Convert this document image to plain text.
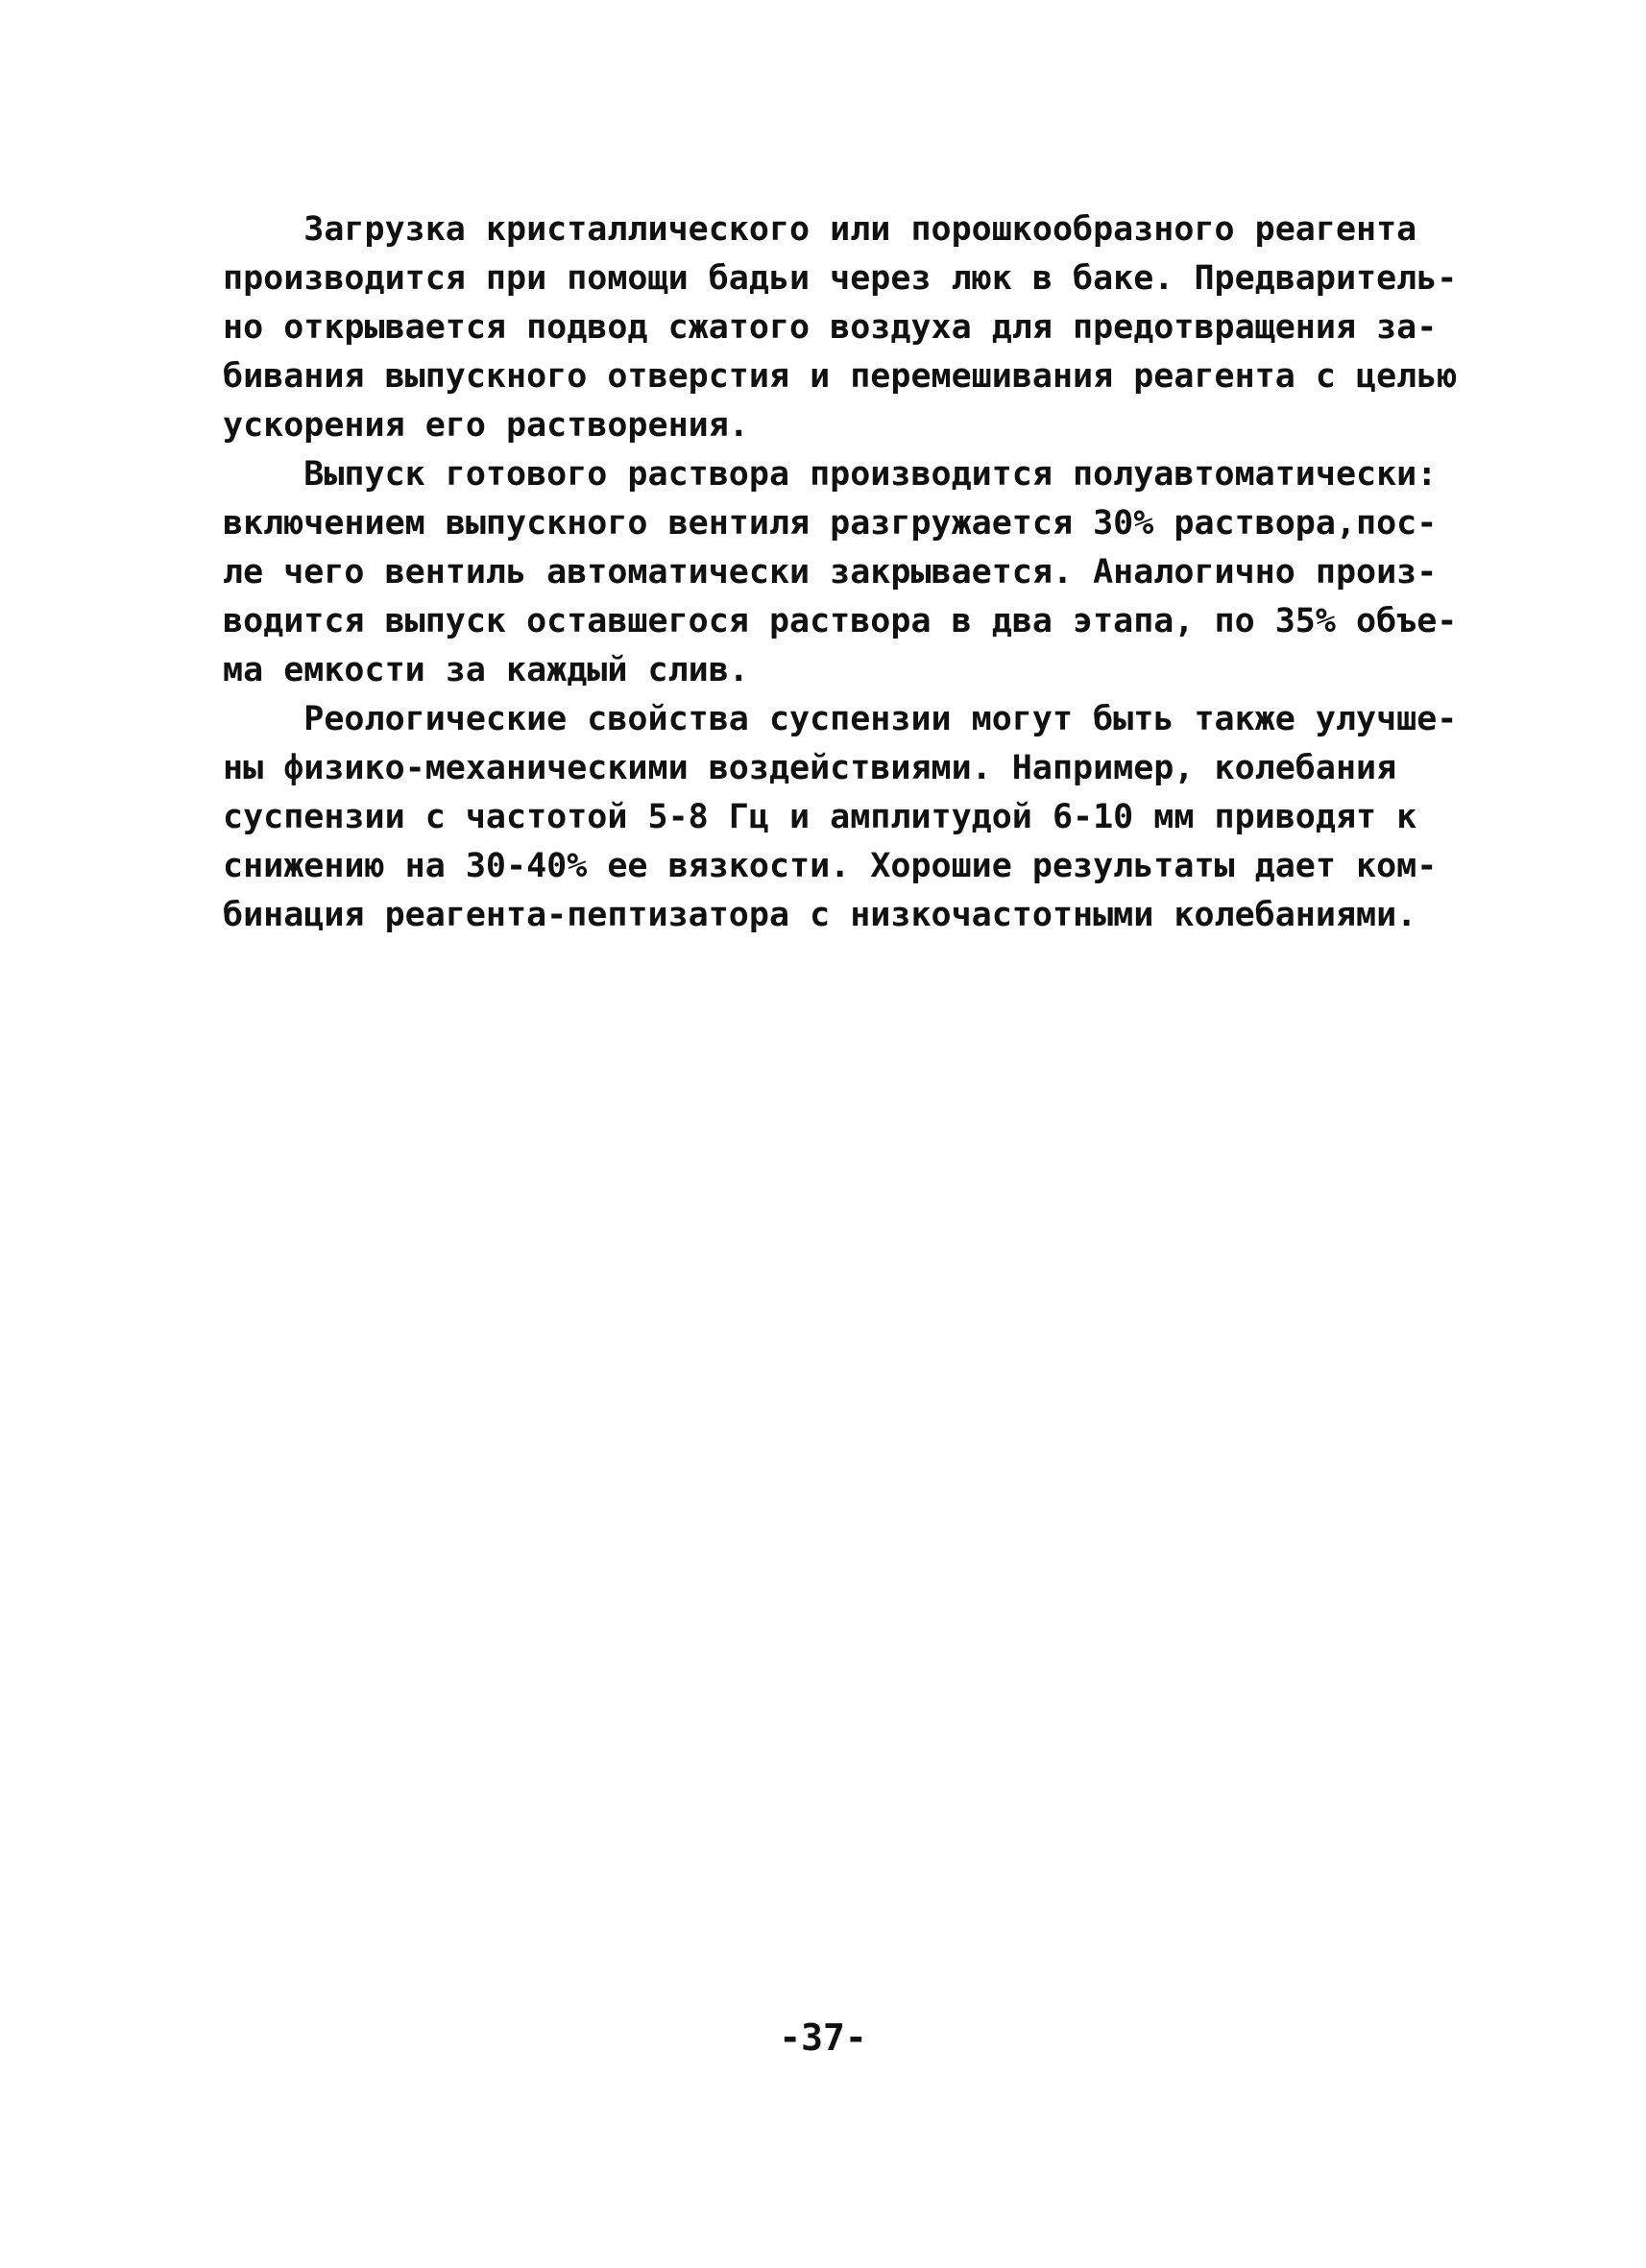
Загрузка кристаллического или порошкообразного реагента
производится при помощи бадьи через люк в баке. Предваритель-
но открывается подвод сжатого воздуха для предотвращения за-
бивания выпускного отверстия и перемешивания реагента с целью
ускорения его растворения.
Выпуск готового раствора производится полуавтоматически:
включением выпускного вентиля разгружается 30% раствора,пос-
ле чего вентиль автоматически закрывается. Аналогично произ-
водится выпуск оставшегося раствора в два этапа, по 35% объе-
ма емкости за каждый слив.
Реологические свойства суспензии могут быть также улучше-
ны физико-механическими воздействиями. Например, колебания
суспензии с частотой 5-8 Гц и амплитудой 6-10 мм приводят к
снижению на 30-40% ее вязкости. Хорошие результаты дает ком-
бинация реагента-пептизатора с низкочастотными колебаниями.
-37-
